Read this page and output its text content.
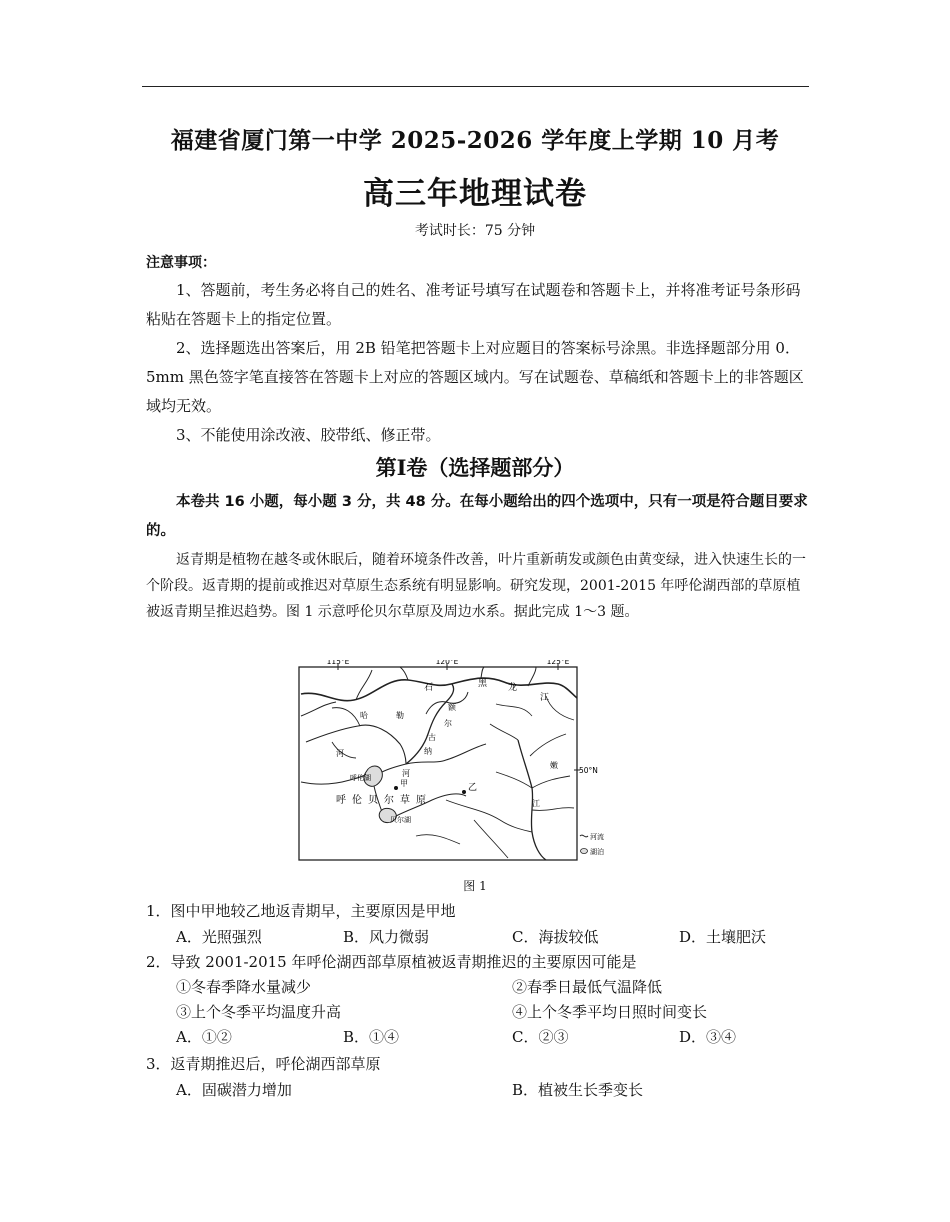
福建省厦门第一中学 2025-2026 学年度上学期 10 月考
高三年地理试卷
考试时长：75 分钟
注意事项：

1、答题前，考生务必将自己的姓名、准考证号填写在试题卷和答题卡上，并将准考证号条形码粘贴在答题卡上的指定位置。

2、选择题选出答案后，用 2B 铅笔把答题卡上对应题目的答案标号涂黑。非选择题部分用 0．5mm 黑色签字笔直接答在答题卡上对应的答题区域内。写在试题卷、草稿纸和答题卡上的非答题区域均无效。

3、不能使用涂改液、胶带纸、修正带。

第Ⅰ卷（选择题部分）

本卷共 16 小题，每小题 3 分，共 48 分。在每小题给出的四个选项中，只有一项是符合题目要求的。

返青期是植物在越冬或休眠后，随着环境条件改善，叶片重新萌发或颜色由黄变绿，进入快速生长的一个阶段。返青期的提前或推迟对草原生态系统有明显影响。研究发现，2001-2015 年呼伦湖西部的草原植被返青期呈推迟趋势。图 1 示意呼伦贝尔草原及周边水系。据此完成 1～3 题。

115°E	120°E	125°E
50°N
石	黑 龙
江
额
尔
古
纳
哈	勒
河
河
呼伦湖
甲	乙
呼 伦 贝 尔 草 原
贝尔湖
嫩
江
河流
湖泊
图 1
1．图中甲地较乙地返青期早，主要原因是甲地
A．光照强烈	B．风力微弱	C．海拔较低	D．土壤肥沃
2．导致 2001-2015 年呼伦湖西部草原植被返青期推迟的主要原因可能是
①冬春季降水量减少	②春季日最低气温降低
③上个冬季平均温度升高	④上个冬季平均日照时间变长
A．①②	B．①④	C．②③	D．③④
3．返青期推迟后，呼伦湖西部草原
A．固碳潜力增加	B．植被生长季变长
